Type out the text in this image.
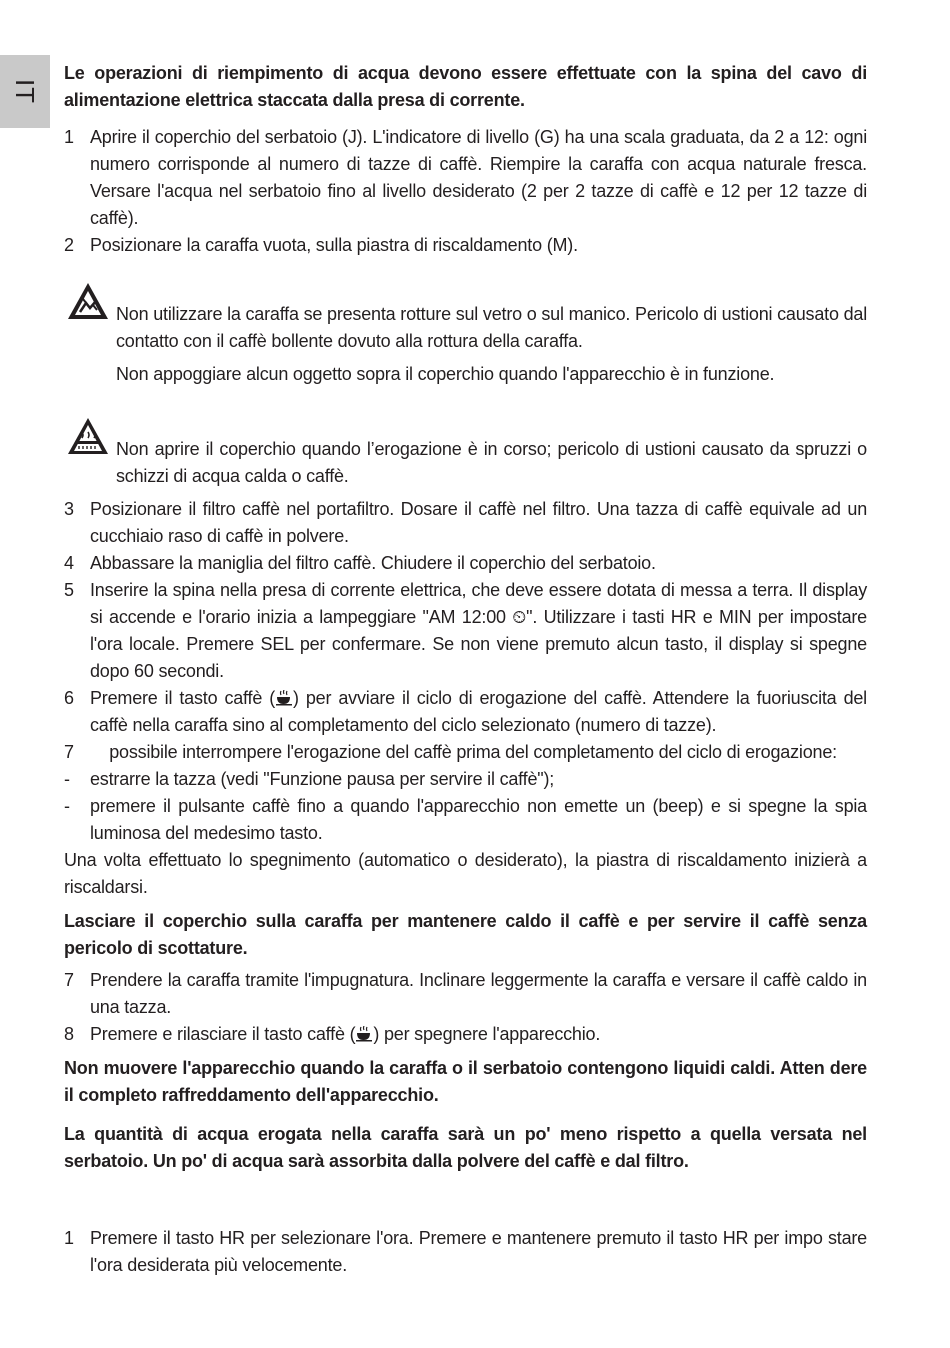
IT

Le operazioni di riempimento di acqua devono essere effettuate con la spina del cavo di alimentazione elettrica staccata dalla presa di corrente.

1 Aprire il coperchio del serbatoio (J). L'indicatore di livello (G) ha una scala graduata, da 2 a 12: ogni numero corrisponde al numero di tazze di caffè. Riempire la caraffa con acqua naturale fresca. Versare l'acqua nel serbatoio fino al livello desiderato (2 per 2 tazze di caffè e 12 per 12 tazze di caffè).
2 Posizionare la caraffa vuota, sulla piastra di riscaldamento (M).

Non utilizzare la caraffa se presenta rotture sul vetro o sul manico. Pericolo di ustioni causato dal contatto con il caffè bollente dovuto alla rottura della caraffa.

Non appoggiare alcun oggetto sopra il coperchio quando l'apparecchio è in funzione.

Non aprire il coperchio quando l’erogazione è in corso; pericolo di ustioni causato da spruzzi o schizzi di acqua calda o caffè.

3 Posizionare il filtro caffè nel portafiltro. Dosare il caffè nel filtro. Una tazza di caffè equivale ad un cucchiaio raso di caffè in polvere.
4 Abbassare la maniglia del filtro caffè. Chiudere il coperchio del serbatoio.
5 Inserire la spina nella presa di corrente elettrica, che deve essere dotata di messa a terra. Il display si accende e l'orario inizia a lampeggiare "AM 12:00 ⏲". Utilizzare i tasti HR e MIN per impostare l'ora locale. Premere SEL per confermare. Se non viene premuto alcun tasto, il display si spegne dopo 60 secondi.
6 Premere il tasto caffè ( ) per avviare il ciclo di erogazione del caffè. Attendere la fuoriuscita del caffè nella caraffa sino al completamento del ciclo selezionato (numero di tazze).
7 possibile interrompere l'erogazione del caffè prima del completamento del ciclo di erogazione:
-	estrarre la tazza (vedi "Funzione pausa per servire il caffè");
-	premere il pulsante caffè fino a quando l'apparecchio non emette un (beep) e si spegne la spia luminosa del medesimo tasto.

Una volta effettuato lo spegnimento (automatico o desiderato), la piastra di riscaldamento inizierà a riscaldarsi.

Lasciare il coperchio sulla caraffa per mantenere caldo il caffè e per servire il caffè senza pericolo di scottature.

7 Prendere la caraffa tramite l'impugnatura. Inclinare leggermente la caraffa e versare il caffè caldo in una tazza.
8 Premere e rilasciare il tasto caffè ( ) per spegnere l'apparecchio.

Non muovere l'apparecchio quando la caraffa o il serbatoio contengono liquidi caldi. Atten dere il completo raffreddamento dell'apparecchio.

La quantità di acqua erogata nella caraffa sarà un po' meno rispetto a quella versata nel serbatoio. Un po' di acqua sarà assorbita dalla polvere del caffè e dal filtro.

1 Premere il tasto HR per selezionare l'ora. Premere e mantenere premuto il tasto HR per impo stare l'ora desiderata più velocemente.
